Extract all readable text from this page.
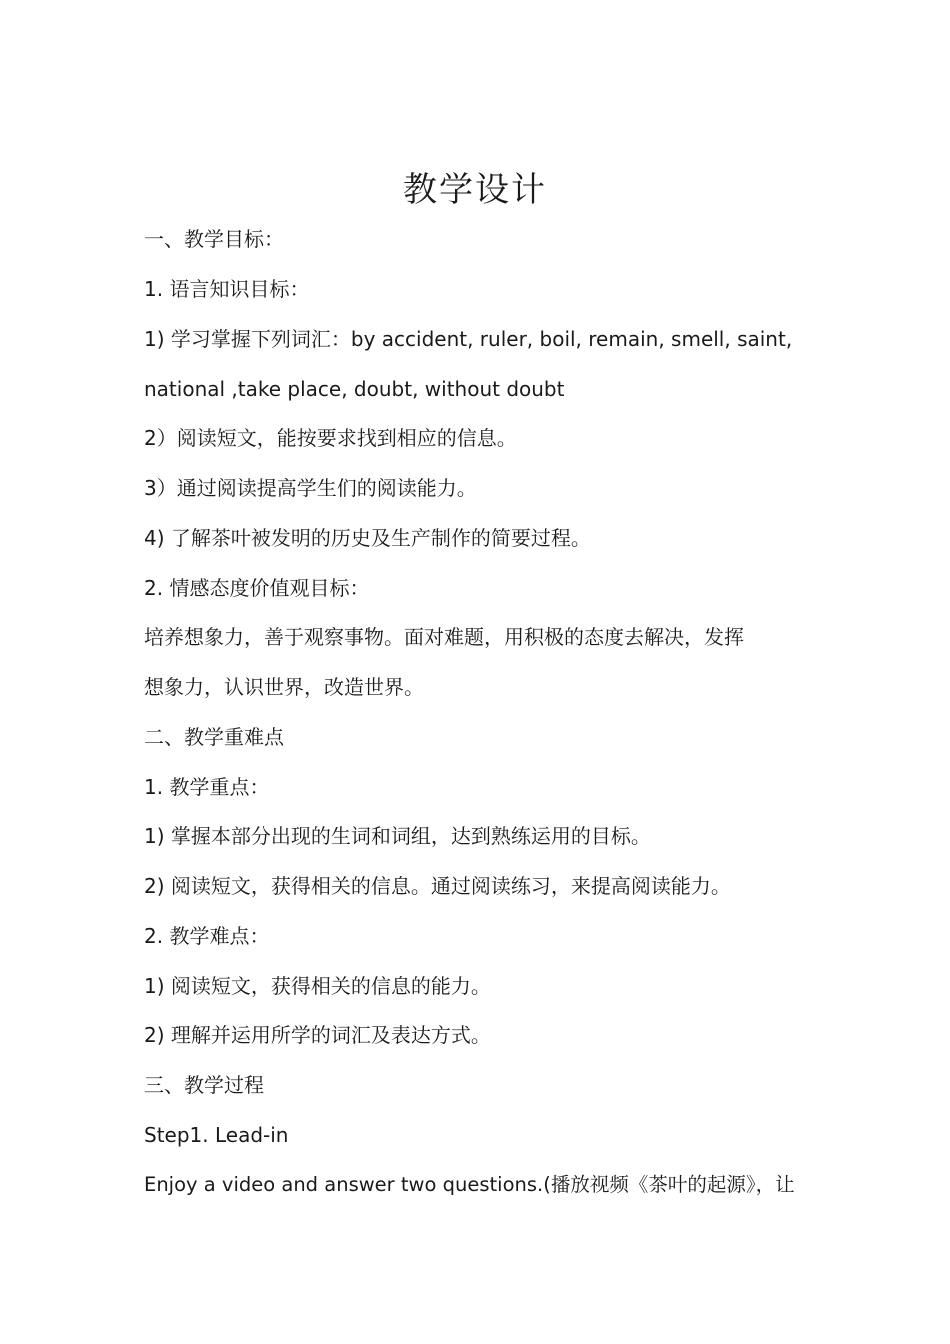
教学设计

一、教学目标：

1. 语言知识目标：

1) 学习掌握下列词汇：by accident, ruler, boil, remain, smell, saint,

national ,take place, doubt, without doubt

2）阅读短文，能按要求找到相应的信息。

3）通过阅读提高学生们的阅读能力。

4) 了解茶叶被发明的历史及生产制作的简要过程。

2. 情感态度价值观目标：

培养想象力，善于观察事物。面对难题，用积极的态度去解决，发挥

想象力，认识世界，改造世界。

二、教学重难点

1. 教学重点：

1) 掌握本部分出现的生词和词组，达到熟练运用的目标。

2) 阅读短文，获得相关的信息。通过阅读练习，来提高阅读能力。

2. 教学难点：

1) 阅读短文，获得相关的信息的能力。

2) 理解并运用所学的词汇及表达方式。

三、教学过程

Step1. Lead-in

Enjoy a video and answer two questions.(播放视频《茶叶的起源》，让
